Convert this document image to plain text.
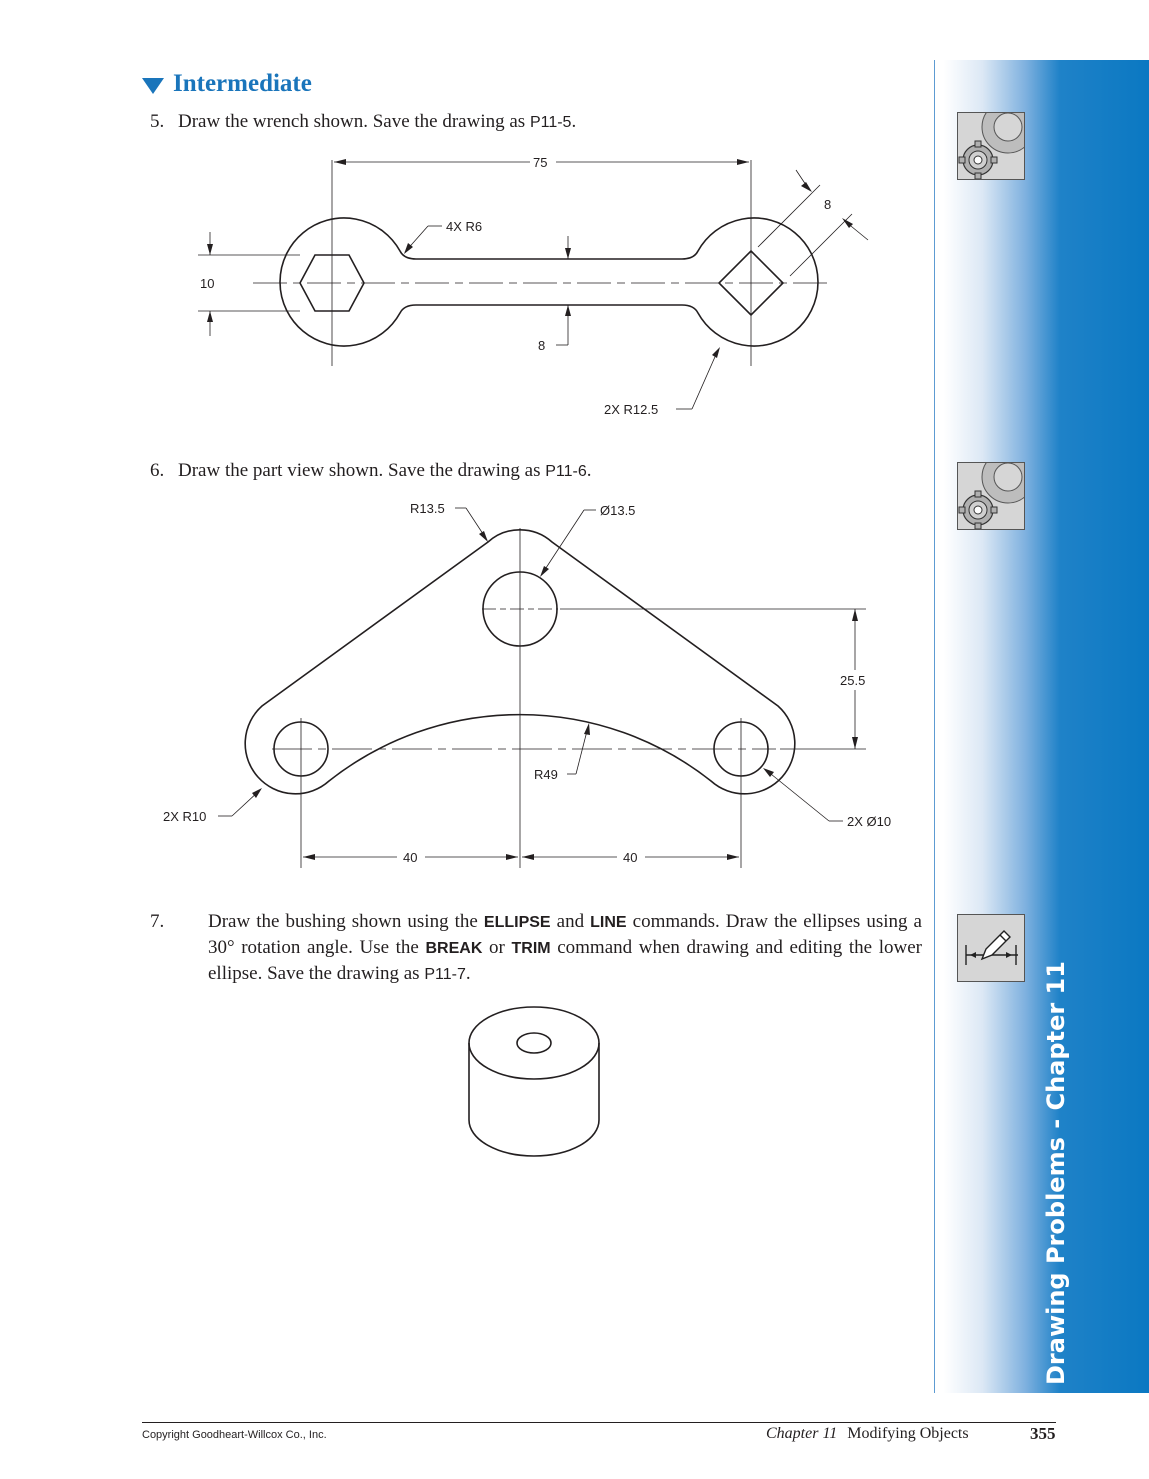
Intermediate
5. Draw the wrench shown. Save the drawing as P11-5.
75
10
4X R6
8
8
2X R12.5
6. Draw the part view shown. Save the drawing as P11-6.
25.5
40	40
R13.5	Ø13.5
R49
2X R10	2X Ø10
7. Draw the bushing shown using the ELLIPSE and LINE commands. Draw the ellipses using a 30° rotation angle. Use the BREAK or TRIM command when drawing and editing the lower ellipse. Save the drawing as P11-7.	Drawing Problems - Chapter 11
Copyright Goodheart-Willcox Co., Inc.	Chapter 11 Modifying Objects	355
